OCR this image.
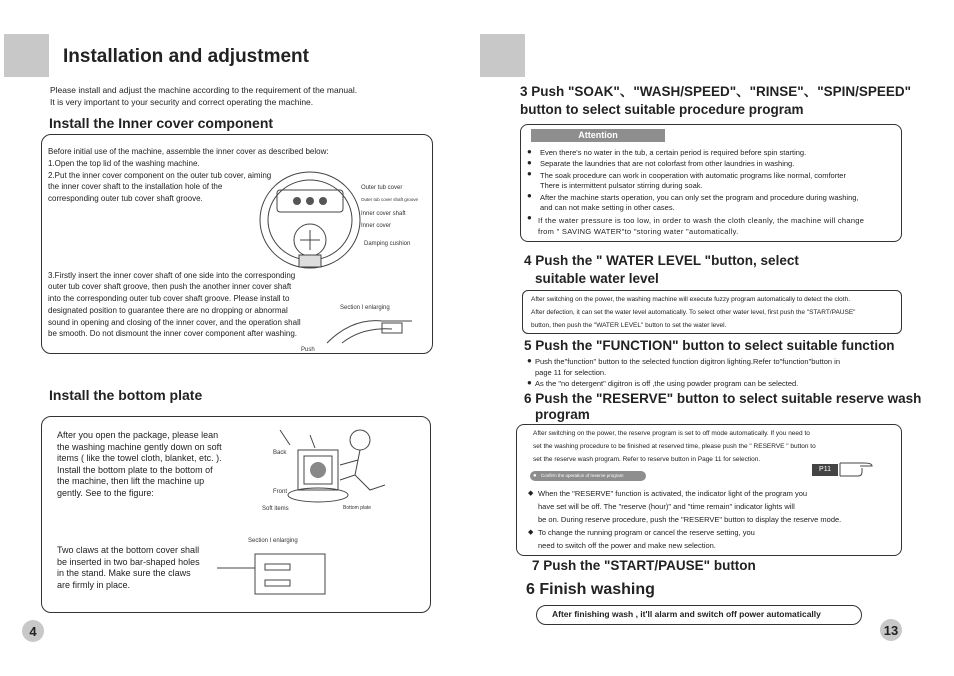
Installation and adjustment
Please install and adjust the machine according to the requirement of the manual.
It is very important to your security and correct operating the machine.
Install the Inner cover component
Before initial use of the machine, assemble the inner cover as described below:
1.Open the top lid of the washing machine.
2.Put the inner cover component on the outer tub cover, aiming
the inner cover shaft to the installation hole of the
corresponding outer tub cover shaft groove.
Outer tub cover
Outer tub cover shaft groove
Inner cover shaft
Inner cover
Damping cushion
3.Firstly insert the inner cover shaft of one side into the corresponding
outer tub cover shaft groove, then push the another inner cover shaft
into the corresponding outer tub cover shaft groove. Please install to
designated position to guarantee there are no dropping or abnormal
sound in opening and closing of the inner cover, and the operation shall
be smooth. Do not dismount the inner cover component after washing.
Section I enlarging
Push
Install the bottom plate
After you open the package, please lean
the washing machine gently down on soft
items ( like the towel cloth, blanket, etc. ).
Install the bottom plate to the bottom of
the machine, then lift the machine up
gently. See to the figure:
Back
Front
Soft items	Bottom plate
Section I enlarging
Two claws at the bottom cover shall
be inserted in two bar-shaped holes
in the stand. Make sure the claws
are firmly in place.
4
3 Push "SOAK"、"WASH/SPEED"、"RINSE"、"SPIN/SPEED"
button to select suitable procedure program
Attention
● Even there's no water in the tub, a certain period is required before spin starting.
● Separate the laundries that are not colorfast from other laundries in washing.
● The soak procedure can work in cooperation with automatic programs like normal, comforter
There is intermittent pulsator stirring during soak.
● After the machine starts operation, you can only set the program and procedure during washing,
and can not make setting in other cases.
● If the water pressure is too low, in order to wash the cloth cleanly, the machine will change
from " SAVING WATER"to "storing water "automatically.
4 Push the " WATER LEVEL "button, select
suitable water level
After switching on the power, the washing machine will execute fuzzy program automatically to detect the cloth.
After defection, it can set the water level automatically. To select other water level, first push the "START/PAUSE"
button, then push the "WATER LEVEL" button to set the water level.
5 Push the "FUNCTION" button to select suitable function
● Push the"function" button to the selected function digitron lighting.Refer to"function"button in
page 11 for selection.
● As the "no detergent" digitron is off ,the using powder program can be selected.
6 Push the "RESERVE" button to select suitable reserve wash
program
After switching on the power, the reserve program is set to off mode automatically. If you need to
set the washing procedure to be finished at reserved time, please push the " RESERVE " button to
set the reserve wash program. Refer to reserve button in Page 11 for selection.
● Confirm the operation of reserve program
P11
◆ When the "RESERVE" function is activated, the indicator light of the program you
have set will be off. The "reserve (hour)" and "time remain" indicator lights will
be on. During reserve procedure, push the "RESERVE" button to display the reserve mode.
◆ To change the running program or cancel the reserve setting, you
need to switch off the power and make new selection.
7 Push the "START/PAUSE" button
6 Finish washing
After finishing wash , it'll alarm and switch off power automatically
13
